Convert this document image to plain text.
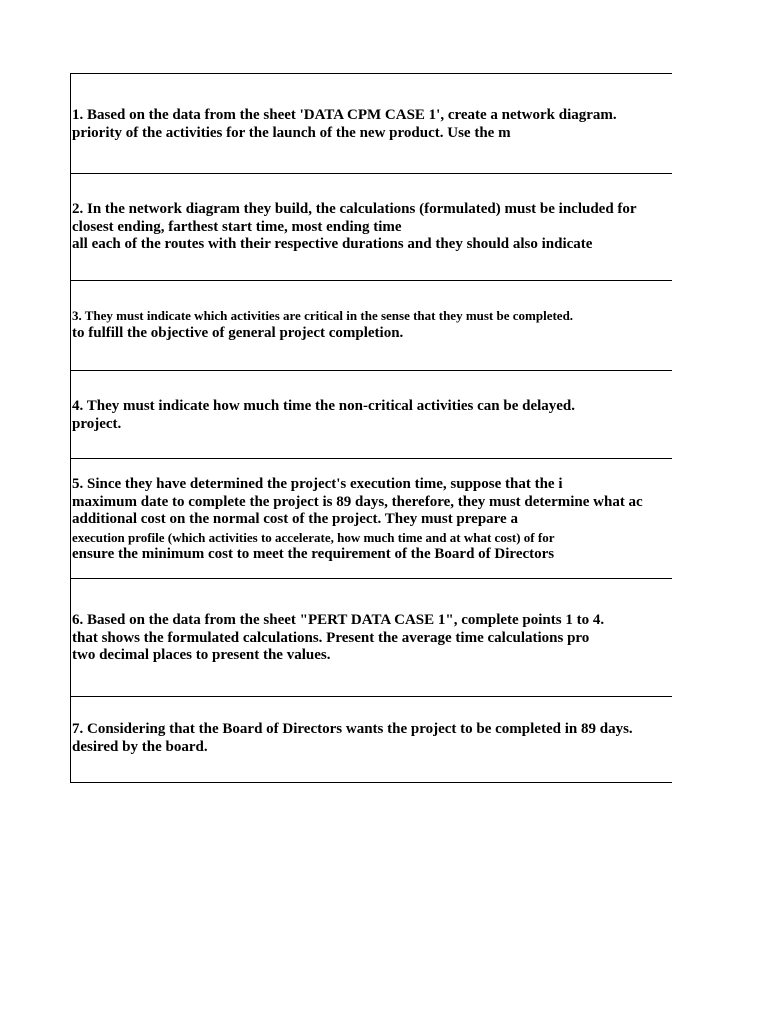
1. Based on the data from the sheet 'DATA CPM CASE 1', create a network diagram.
priority of the activities for the launch of the new product. Use the m
2. In the network diagram they build, the calculations (formulated) must be included for
closest ending, farthest start time, most ending time
all each of the routes with their respective durations and they should also indicate
3. They must indicate which activities are critical in the sense that they must be completed.
to fulfill the objective of general project completion.
4. They must indicate how much time the non-critical activities can be delayed.
project.
5. Since they have determined the project's execution time, suppose that the i
maximum date to complete the project is 89 days, therefore, they must determine what ac
additional cost on the normal cost of the project. They must prepare a
execution profile (which activities to accelerate, how much time and at what cost) of for
ensure the minimum cost to meet the requirement of the Board of Directors
6. Based on the data from the sheet "PERT DATA CASE 1", complete points 1 to 4.
that shows the formulated calculations. Present the average time calculations pro
two decimal places to present the values.
7. Considering that the Board of Directors wants the project to be completed in 89 days.
desired by the board.
